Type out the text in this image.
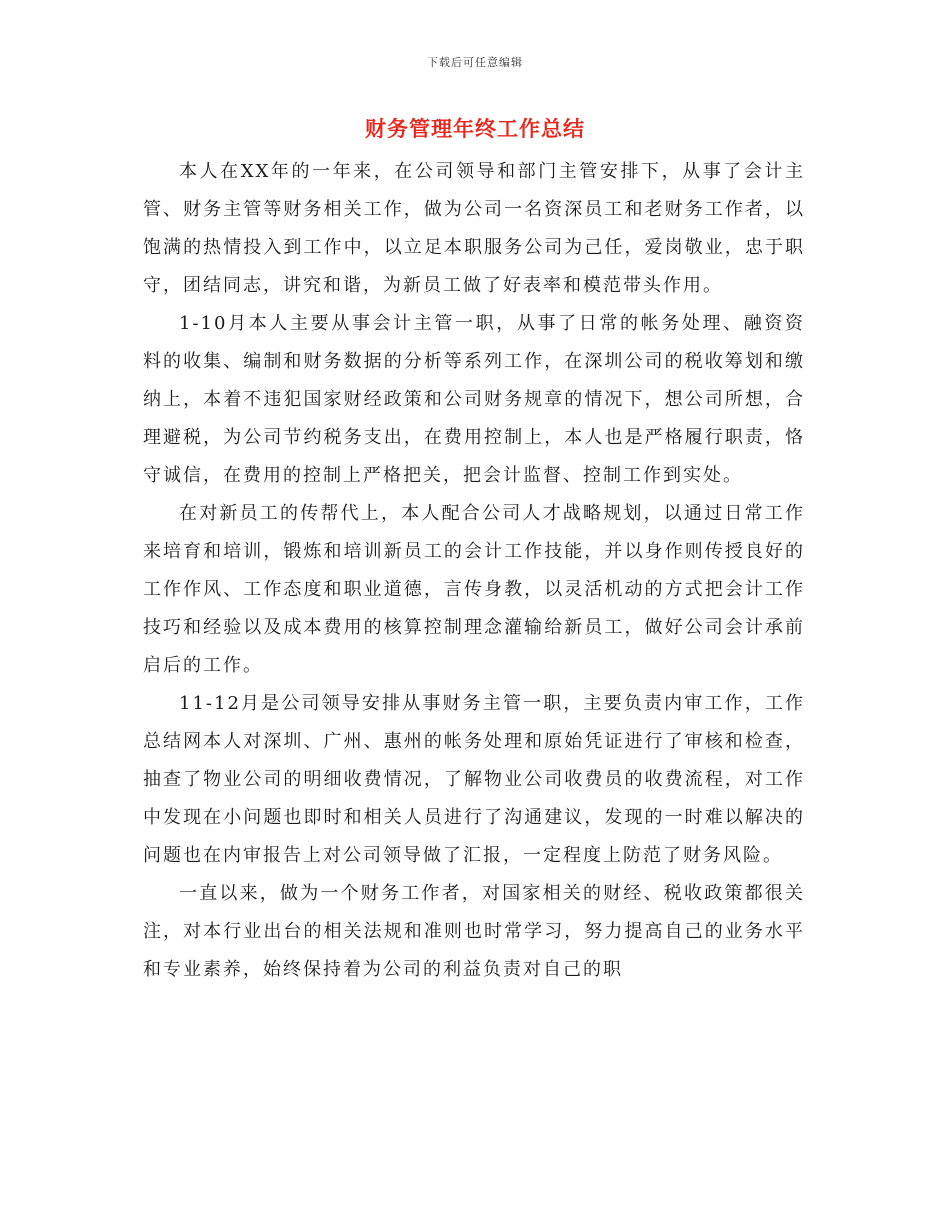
下载后可任意编辑
财务管理年终工作总结

本人在XX年的一年来，在公司领导和部门主管安排下，从事了会计主管、财务主管等财务相关工作，做为公司一名资深员工和老财务工作者，以饱满的热情投入到工作中，以立足本职服务公司为己任，爱岗敬业，忠于职守，团结同志，讲究和谐，为新员工做了好表率和模范带头作用。

1-10月本人主要从事会计主管一职，从事了日常的帐务处理、融资资料的收集、编制和财务数据的分析等系列工作，在深圳公司的税收筹划和缴纳上，本着不违犯国家财经政策和公司财务规章的情况下，想公司所想，合理避税，为公司节约税务支出，在费用控制上，本人也是严格履行职责，恪守诚信，在费用的控制上严格把关，把会计监督、控制工作到实处。

在对新员工的传帮代上，本人配合公司人才战略规划，以通过日常工作来培育和培训，锻炼和培训新员工的会计工作技能，并以身作则传授良好的工作作风、工作态度和职业道德，言传身教，以灵活机动的方式把会计工作技巧和经验以及成本费用的核算控制理念灌输给新员工，做好公司会计承前启后的工作。

11-12月是公司领导安排从事财务主管一职，主要负责内审工作，工作总结网本人对深圳、广州、惠州的帐务处理和原始凭证进行了审核和检查，抽查了物业公司的明细收费情况，了解物业公司收费员的收费流程，对工作中发现在小问题也即时和相关人员进行了沟通建议，发现的一时难以解决的问题也在内审报告上对公司领导做了汇报，一定程度上防范了财务风险。

一直以来，做为一个财务工作者，对国家相关的财经、税收政策都很关注，对本行业出台的相关法规和准则也时常学习，努力提高自己的业务水平和专业素养，始终保持着为公司的利益负责对自己的职
